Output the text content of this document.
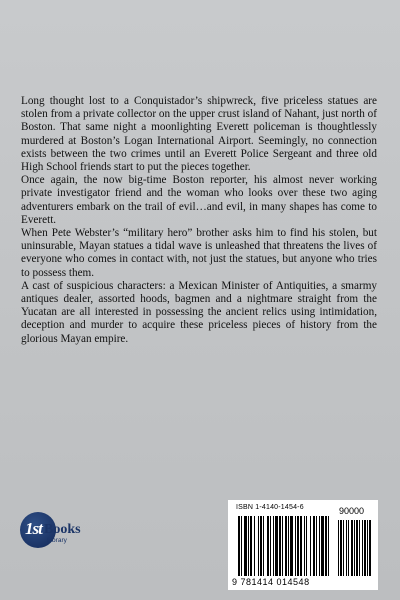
Long thought lost to a Conquistador’s shipwreck, five priceless statues are stolen from a private collector on the upper crust island of Nahant, just north of Boston. That same night a moonlighting Everett policeman is thoughtlessly murdered at Boston’s Logan International Airport. Seemingly, no connection exists between the two crimes until an Everett Police Sergeant and three old High School friends start to put the pieces together.

Once again, the now big-time Boston reporter, his almost never working private investigator friend and the woman who looks over these two aging adventurers embark on the trail of evil…and evil, in many shapes has come to Everett.

When Pete Webster’s “military hero” brother asks him to find his stolen, but uninsurable, Mayan statues a tidal wave is unleashed that threatens the lives of everyone who comes in contact with, not just the statues, but anyone who tries to possess them.

A cast of suspicious characters: a Mexican Minister of Antiquities, a smarmy antiques dealer, assorted hoods, bagmen and a nightmare straight from the Yucatan are all interested in possessing the ancient relics using intimidation, deception and murder to acquire these priceless pieces of history from the glorious Mayan empire.

1st Books
Library
ISBN 1-4140-1454-6	90000
9 781414 014548
